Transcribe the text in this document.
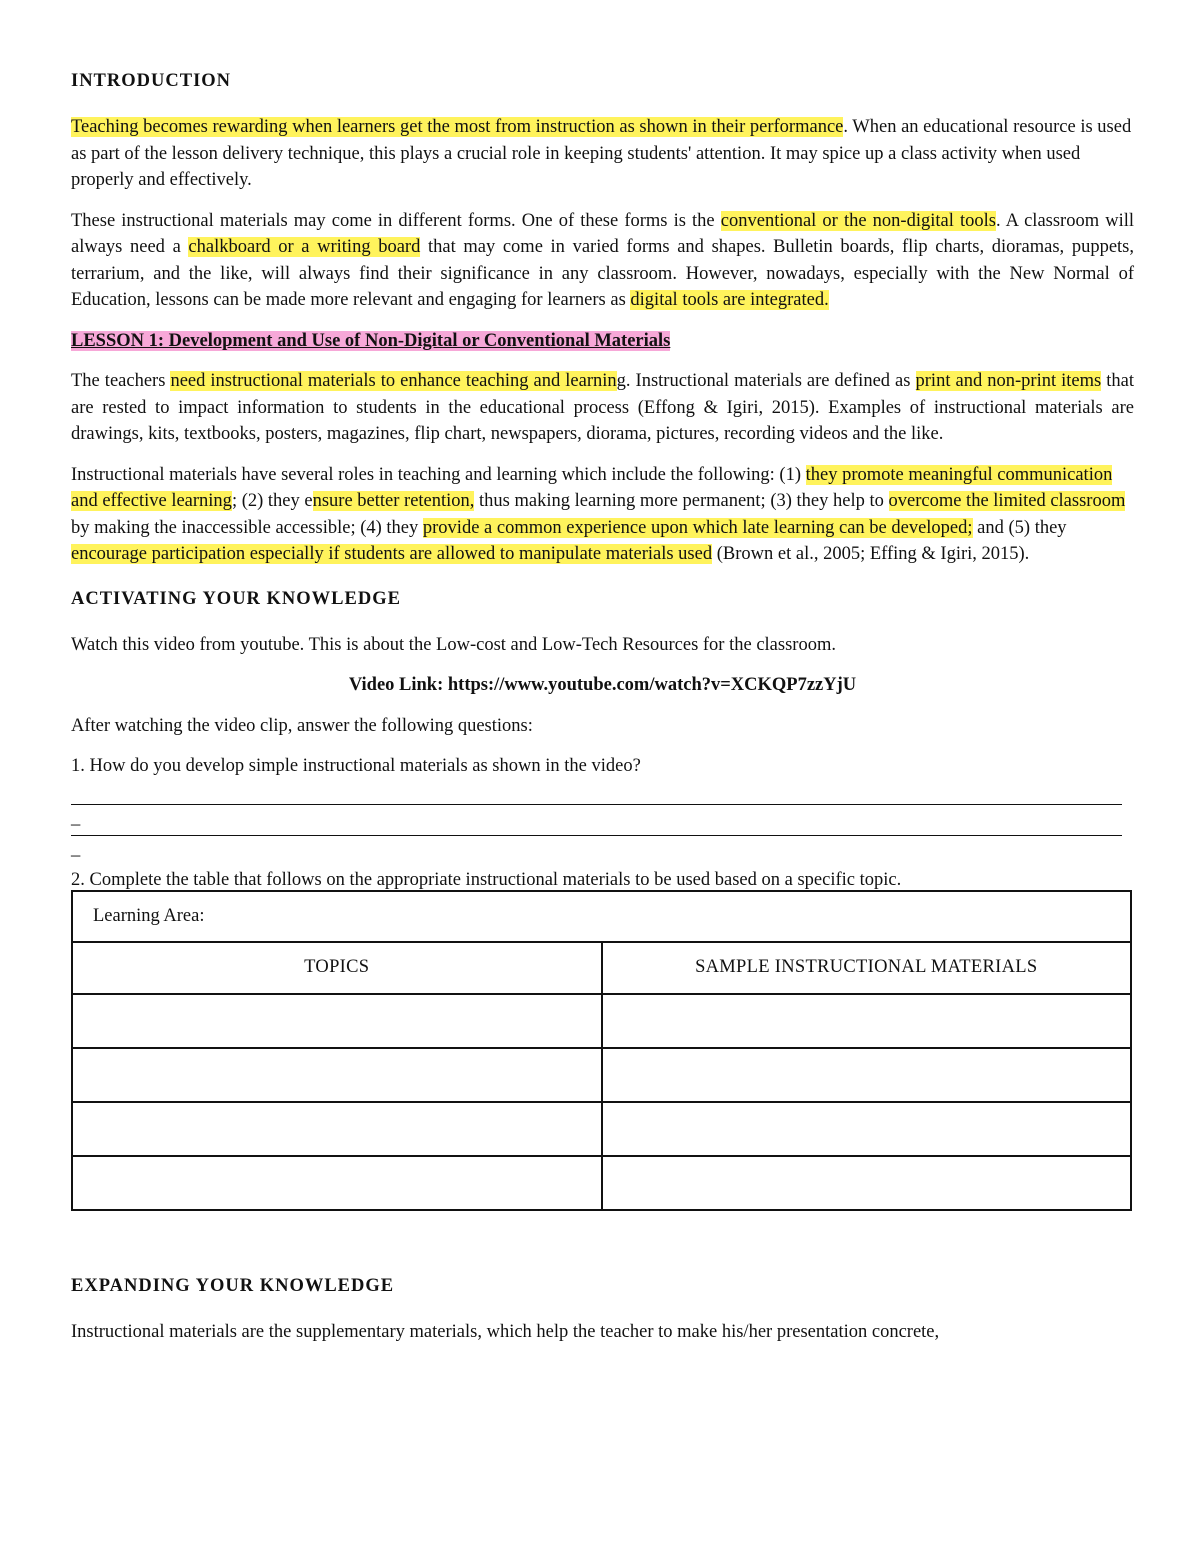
INTRODUCTION

Teaching becomes rewarding when learners get the most from instruction as shown in their performance. When an educational resource is used as part of the lesson delivery technique, this plays a crucial role in keeping students' attention. It may spice up a class activity when used properly and effectively.

These instructional materials may come in different forms. One of these forms is the conventional or the non-digital tools. A classroom will always need a chalkboard or a writing board that may come in varied forms and shapes. Bulletin boards, flip charts, dioramas, puppets, terrarium, and the like, will always find their significance in any classroom. However, nowadays, especially with the New Normal of Education, lessons can be made more relevant and engaging for learners as digital tools are integrated.

LESSON 1: Development and Use of Non-Digital or Conventional Materials

The teachers need instructional materials to enhance teaching and learning. Instructional materials are defined as print and non-print items that are rested to impact information to students in the educational process (Effong & Igiri, 2015). Examples of instructional materials are drawings, kits, textbooks, posters, magazines, flip chart, newspapers, diorama, pictures, recording videos and the like.

Instructional materials have several roles in teaching and learning which include the following: (1) they promote meaningful communication and effective learning; (2) they ensure better retention, thus making learning more permanent; (3) they help to overcome the limited classroom by making the inaccessible accessible; (4) they provide a common experience upon which late learning can be developed; and (5) they encourage participation especially if students are allowed to manipulate materials used (Brown et al., 2005; Effing & Igiri, 2015).

ACTIVATING YOUR KNOWLEDGE

Watch this video from youtube. This is about the Low-cost and Low-Tech Resources for the classroom.

Video Link: https://www.youtube.com/watch?v=XCKQP7zzYjU

After watching the video clip, answer the following questions:

1. How do you develop simple instructional materials as shown in the video?

_
_

2. Complete the table that follows on the appropriate instructional materials to be used based on a specific topic.

Learning Area:	
TOPICS	SAMPLE INSTRUCTIONAL MATERIALS

EXPANDING YOUR KNOWLEDGE

Instructional materials are the supplementary materials, which help the teacher to make his/her presentation concrete,
